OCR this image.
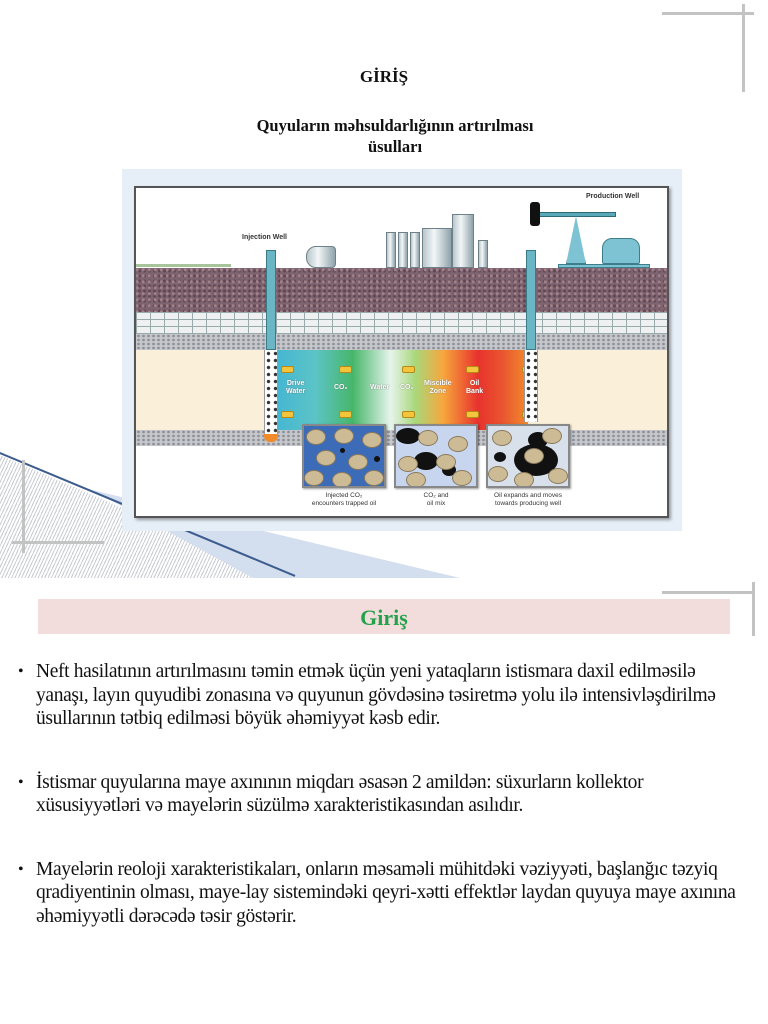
GİRİŞ
Quyuların məhsuldarlığının artırılması
üsulları
Injection Well
Production Well
Drive
Water
CO₂	Water CO₂
Miscible
Zone
Oil
Bank
Injected CO₂
encounters trapped oil
CO₂ and
oil mix
Oil expands and moves
towards producing well
Giriş
• Neft hasilatının artırılmasını təmin etmək üçün yeni yataqların istismara daxil edilməsilə yanaşı, layın quyudibi zonasına və quyunun gövdəsinə təsiretmə yolu ilə intensivləşdirilmə üsullarının tətbiq edilməsi böyük əhəmiyyət kəsb edir.
• İstismar quyularına maye axınının miqdarı əsasən 2 amildən: süxurların kollektor xüsusiyyətləri və mayelərin süzülmə xarakteristikasından asılıdır.
• Mayelərin reoloji xarakteristikaları, onların məsaməli mühitdəki vəziyyəti, başlanğıc təzyiq qradiyentinin olması, maye-lay sistemindəki qeyri-xətti effektlər laydan quyuya maye axınına əhəmiyyətli dərəcədə təsir göstərir.
